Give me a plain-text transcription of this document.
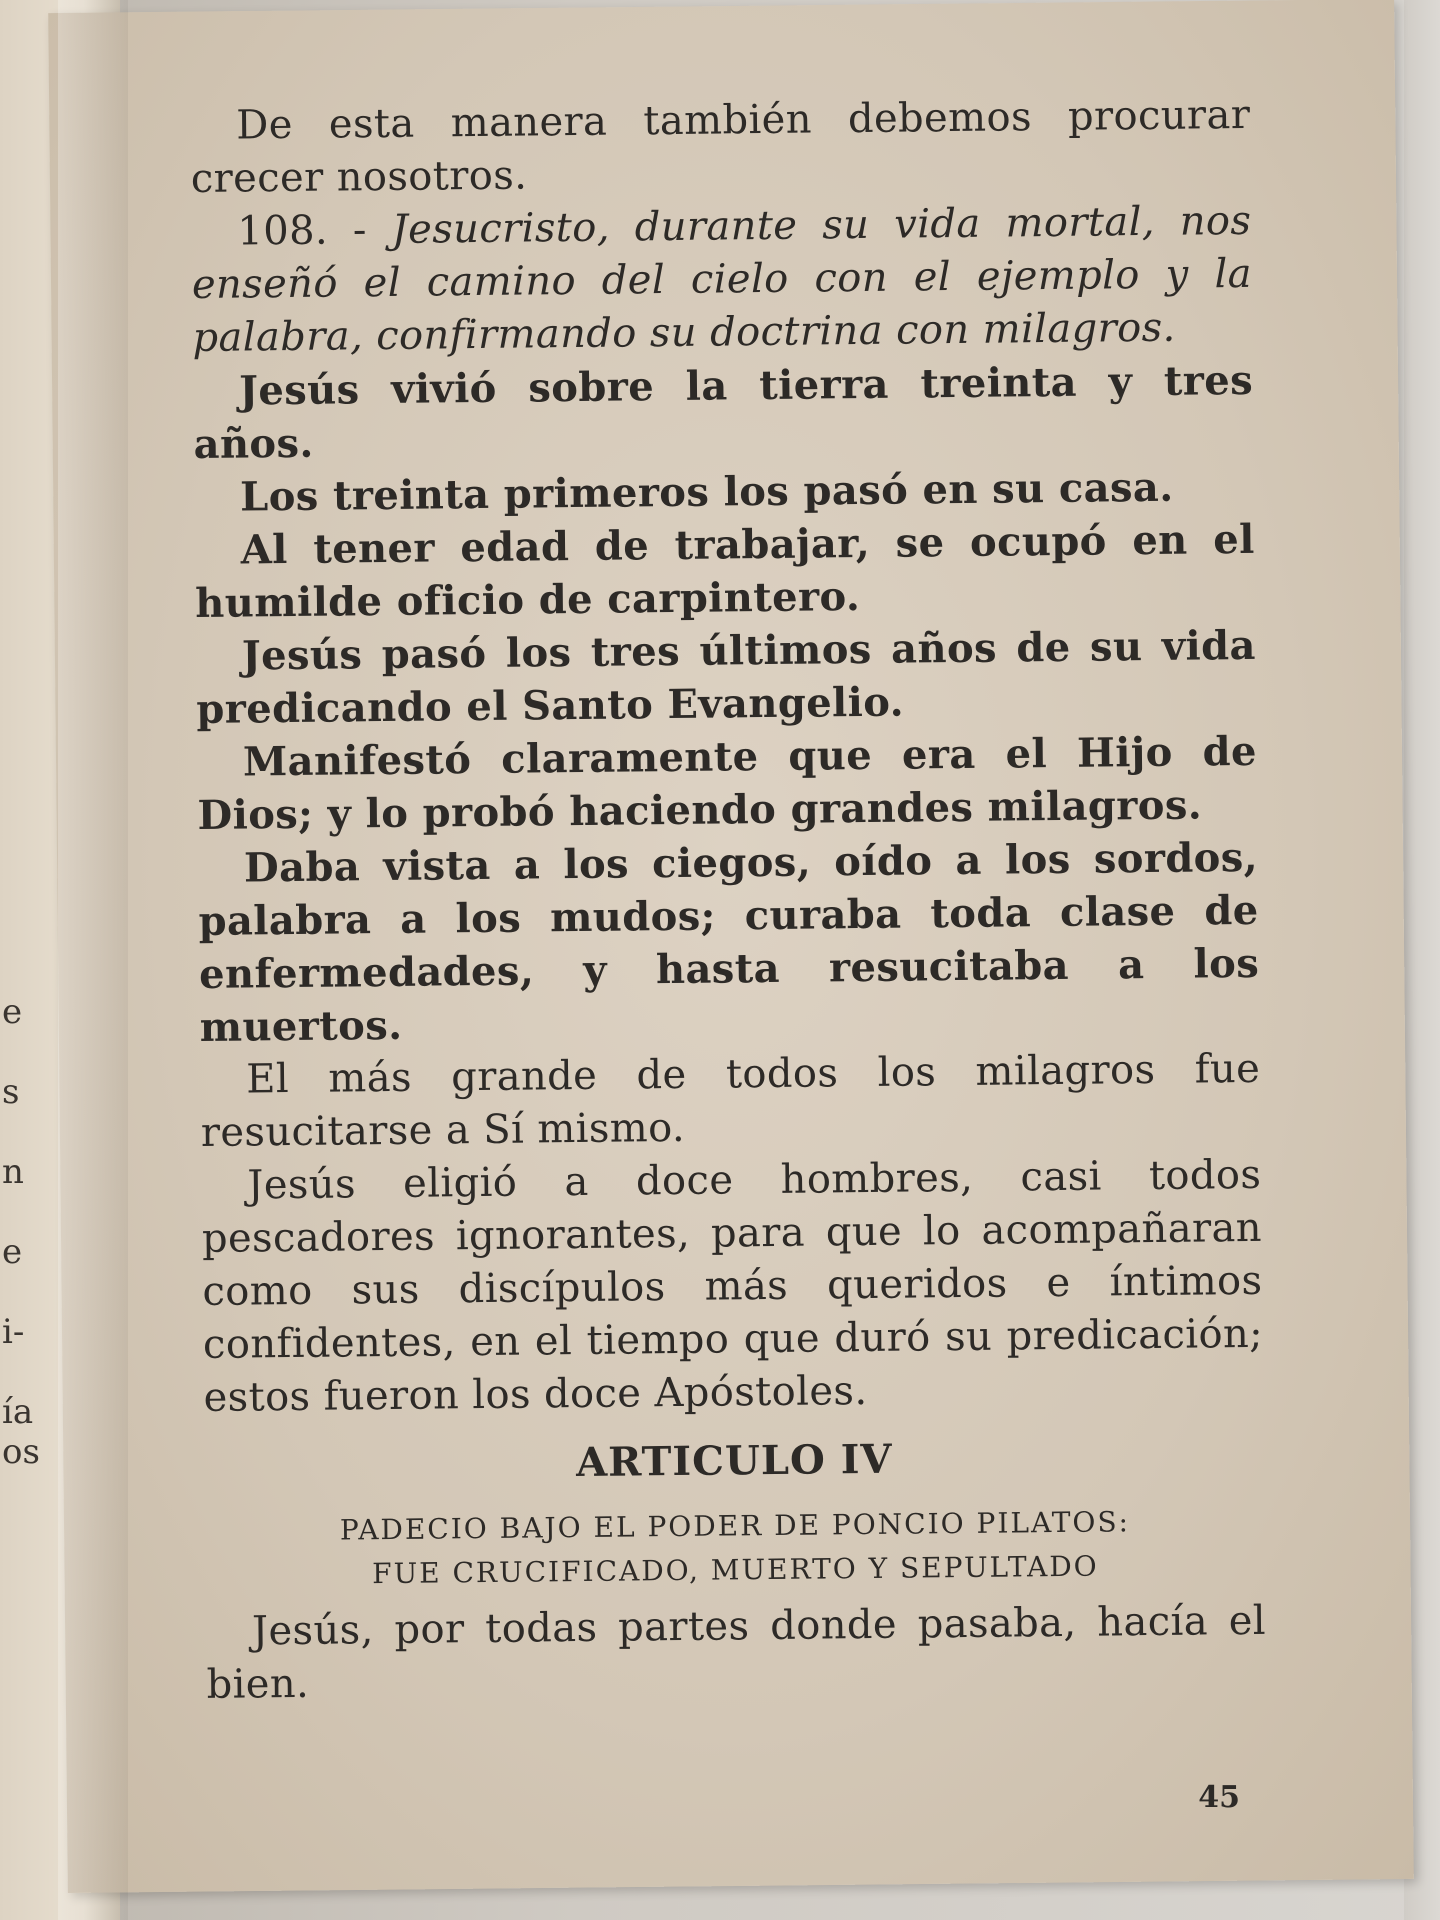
e
s
n
e
i-
ía
os

De esta manera también debemos procurar crecer nosotros.

108. - Jesucristo, durante su vida mortal, nos enseñó el camino del cielo con el ejemplo y la palabra, confirmando su doctrina con milagros.

Jesús vivió sobre la tierra treinta y tres años.

Los treinta primeros los pasó en su casa.

Al tener edad de trabajar, se ocupó en el humilde oficio de carpintero.

Jesús pasó los tres últimos años de su vida predicando el Santo Evangelio.

Manifestó claramente que era el Hijo de Dios; y lo probó haciendo grandes milagros.

Daba vista a los ciegos, oído a los sordos, palabra a los mudos; curaba toda clase de enfermedades, y hasta resucitaba a los muertos.

El más grande de todos los milagros fue resucitarse a Sí mismo.

Jesús eligió a doce hombres, casi todos pescadores ignorantes, para que lo acompañaran como sus discípulos más queridos e íntimos confidentes, en el tiempo que duró su predicación; estos fueron los doce Apóstoles.

ARTICULO IV
PADECIO BAJO EL PODER DE PONCIO PILATOS:
FUE CRUCIFICADO, MUERTO Y SEPULTADO

Jesús, por todas partes donde pasaba, hacía el bien.

45
